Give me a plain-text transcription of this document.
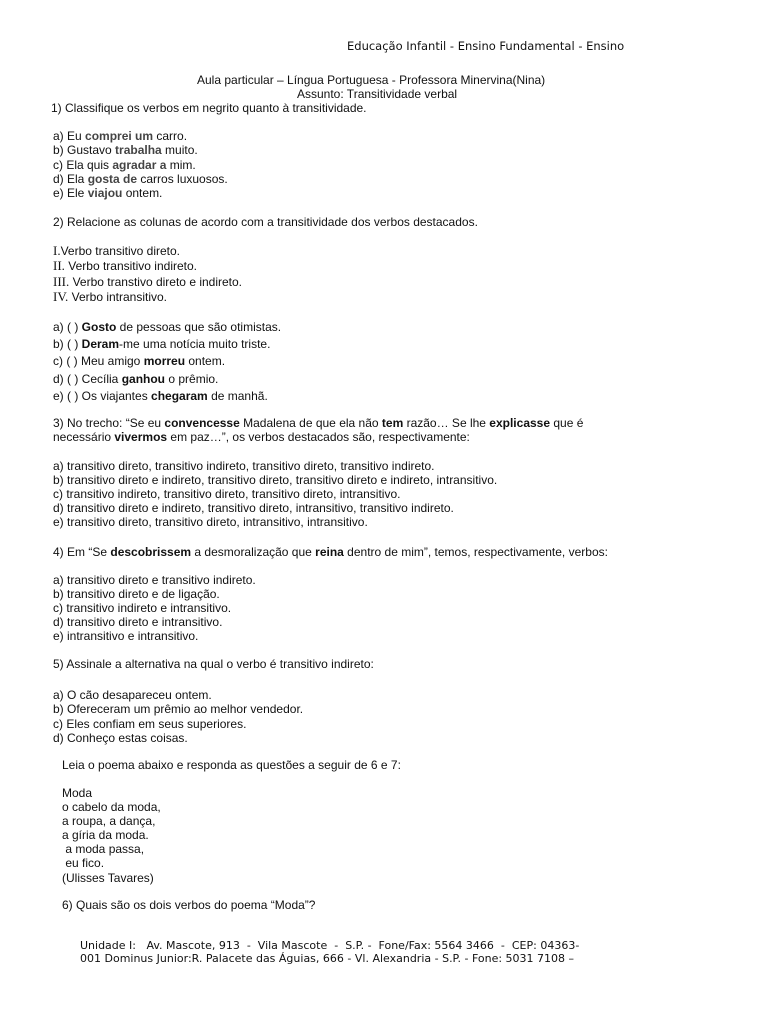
Educação Infantil - Ensino Fundamental - Ensino
Aula particular – Língua Portuguesa - Professora Minervina(Nina)
Assunto: Transitividade verbal
1) Classifique os verbos em negrito quanto à transitividade.
a) Eu comprei um carro.
b) Gustavo trabalha muito.
c) Ela quis agradar a mim.
d) Ela gosta de carros luxuosos.
e) Ele viajou ontem.
2) Relacione as colunas de acordo com a transitividade dos verbos destacados.
I.Verbo transitivo direto.
II. Verbo transitivo indireto.
III. Verbo transtivo direto e indireto.
IV. Verbo intransitivo.
a) ( ) Gosto de pessoas que são otimistas.
b) ( ) Deram-me uma notícia muito triste.
c) ( ) Meu amigo morreu ontem.
d) ( ) Cecília ganhou o prêmio.
e) ( ) Os viajantes chegaram de manhã.
3) No trecho: “Se eu convencesse Madalena de que ela não tem razão… Se lhe explicasse que é
necessário vivermos em paz…”, os verbos destacados são, respectivamente:
a) transitivo direto, transitivo indireto, transitivo direto, transitivo indireto.
b) transitivo direto e indireto, transitivo direto, transitivo direto e indireto, intransitivo.
c) transitivo indireto, transitivo direto, transitivo direto, intransitivo.
d) transitivo direto e indireto, transitivo direto, intransitivo, transitivo indireto.
e) transitivo direto, transitivo direto, intransitivo, intransitivo.
4) Em “Se descobrissem a desmoralização que reina dentro de mim”, temos, respectivamente, verbos:
a) transitivo direto e transitivo indireto.
b) transitivo direto e de ligação.
c) transitivo indireto e intransitivo.
d) transitivo direto e intransitivo.
e) intransitivo e intransitivo.
5) Assinale a alternativa na qual o verbo é transitivo indireto:
a) O cão desapareceu ontem.
b) Ofereceram um prêmio ao melhor vendedor.
c) Eles confiam em seus superiores.
d) Conheço estas coisas.
Leia o poema abaixo e responda as questões a seguir de 6 e 7:
Moda
o cabelo da moda,
a roupa, a dança,
a gíria da moda.
a moda passa,
eu fico.
(Ulisses Tavares)
6) Quais são os dois verbos do poema “Moda”?
Unidade I:   Av. Mascote, 913  -  Vila Mascote  -  S.P. -  Fone/Fax: 5564 3466  -  CEP: 04363-
001 Dominus Junior:R. Palacete das Águias, 666 - Vl. Alexandria - S.P. - Fone: 5031 7108 –
